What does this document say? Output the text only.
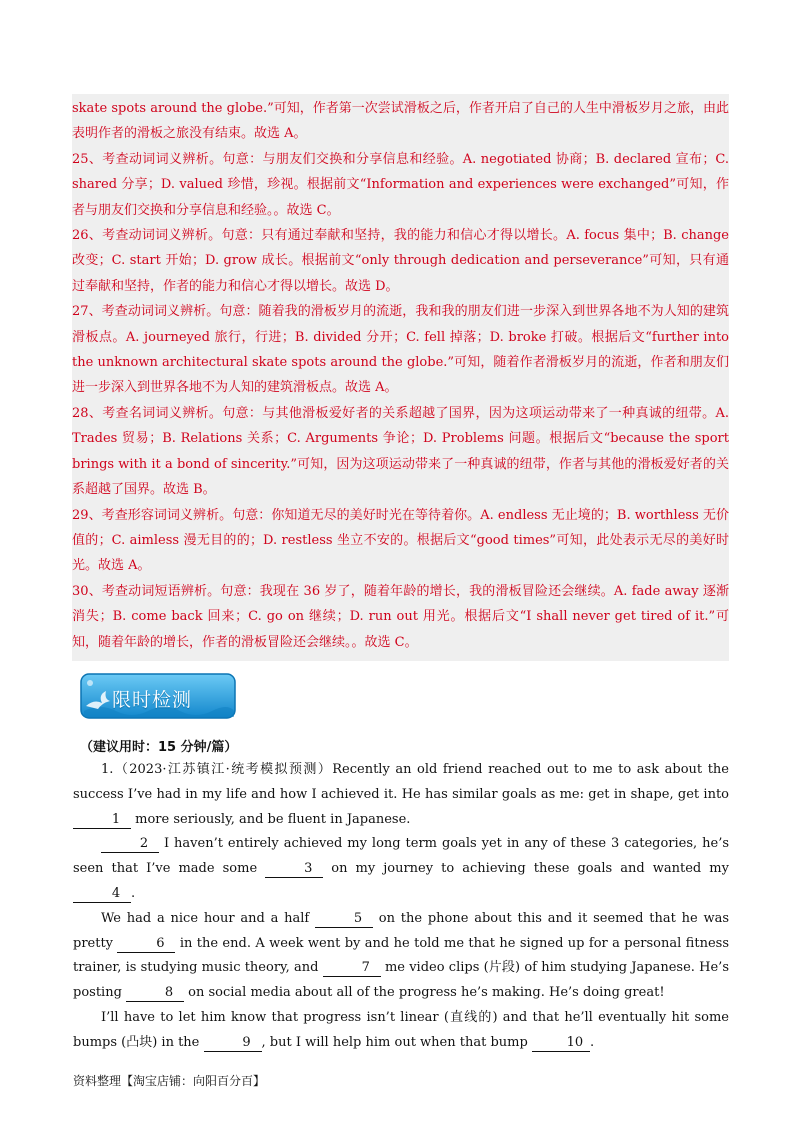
skate spots around the globe.”可知，作者第一次尝试滑板之后，作者开启了自己的人生中滑板岁月之旅，由此表明作者的滑板之旅没有结束。故选 A。

25、考查动词词义辨析。句意：与朋友们交换和分享信息和经验。A. negotiated 协商；B. declared 宣布；C. shared 分享；D. valued 珍惜，珍视。根据前文“Information and experiences were exchanged”可知，作者与朋友们交换和分享信息和经验。。故选 C。

26、考查动词词义辨析。句意：只有通过奉献和坚持，我的能力和信心才得以增长。A. focus 集中；B. change 改变；C. start 开始；D. grow 成长。根据前文“only through dedication and perseverance”可知，只有通过奉献和坚持，作者的能力和信心才得以增长。故选 D。

27、考查动词词义辨析。句意：随着我的滑板岁月的流逝，我和我的朋友们进一步深入到世界各地不为人知的建筑滑板点。A. journeyed 旅行，行进；B. divided 分开；C. fell 掉落；D. broke 打破。根据后文“further into the unknown architectural skate spots around the globe.”可知，随着作者滑板岁月的流逝，作者和朋友们进一步深入到世界各地不为人知的建筑滑板点。故选 A。

28、考查名词词义辨析。句意：与其他滑板爱好者的关系超越了国界，因为这项运动带来了一种真诚的纽带。A. Trades 贸易；B. Relations 关系；C. Arguments 争论；D. Problems 问题。根据后文“because the sport brings with it a bond of sincerity.”可知，因为这项运动带来了一种真诚的纽带，作者与其他的滑板爱好者的关系超越了国界。故选 B。

29、考查形容词词义辨析。句意：你知道无尽的美好时光在等待着你。A. endless 无止境的；B. worthless 无价值的；C. aimless 漫无目的的；D. restless 坐立不安的。根据后文“good times”可知，此处表示无尽的美好时光。故选 A。

30、考查动词短语辨析。句意：我现在 36 岁了，随着年龄的增长，我的滑板冒险还会继续。A. fade away 逐渐消失；B. come back 回来；C. go on 继续；D. run out 用光。根据后文“I shall never get tired of it.”可知，随着年龄的增长，作者的滑板冒险还会继续。。故选 C。

限时检测
（建议用时：15 分钟/篇）

1.（2023·江苏镇江·统考模拟预测）Recently an old friend reached out to me to ask about the success I’ve had in my life and how I achieved it. He has similar goals as me: get in shape, get into 1 more seriously, and be fluent in Japanese.

2 I haven’t entirely achieved my long term goals yet in any of these 3 categories, he’s seen that I’ve made some	3 on my journey to achieving these goals and wanted my 4 .

We had a nice hour and a half	5 on the phone about this and it seemed that he was pretty	6 in the end. A week went by and he told me that he signed up for a personal fitness trainer, is studying music theory, and	7 me video clips (片段) of him studying Japanese. He’s posting	8 on social media about all of the progress he’s making. He’s doing great!

I’ll have to let him know that progress isn’t linear (直线的) and that he’ll eventually hit some bumps (凸块) in the	9 , but I will help him out when that bump	10 .

资料整理【淘宝店铺：向阳百分百】
